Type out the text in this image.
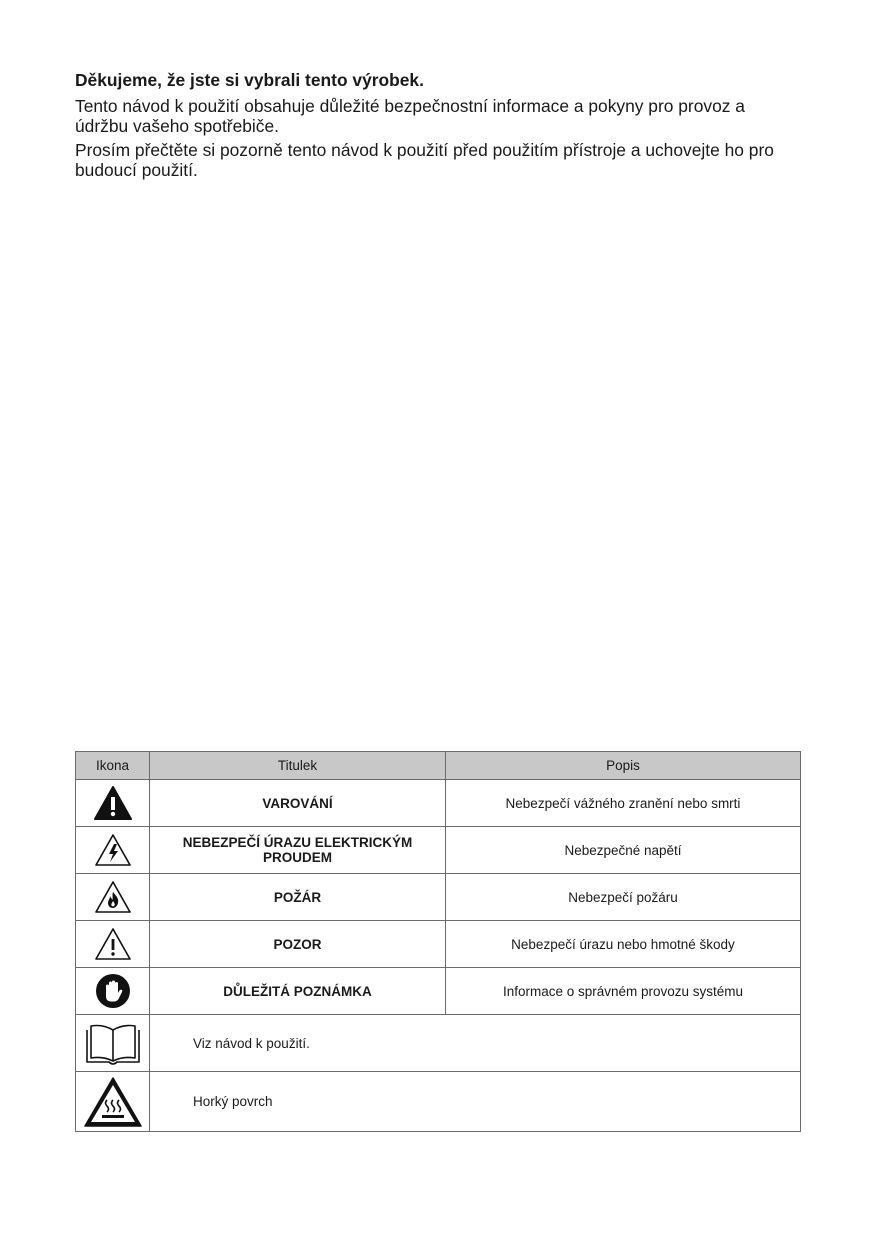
Děkujeme, že jste si vybrali tento výrobek.

Tento návod k použití obsahuje důležité bezpečnostní informace a pokyny pro provoz a údržbu vašeho spotřebiče.

Prosím přečtěte si pozorně tento návod k použití před použitím přístroje a uchovejte ho pro budoucí použití.

Ikona	Titulek	Popis

	VAROVÁNÍ	Nebezpečí vážného zranění nebo smrti

	NEBEZPEČÍ ÚRAZU ELEKTRICKÝM PROUDEM	Nebezpečné napětí

	POŽÁR	Nebezpečí požáru

	POZOR	Nebezpečí úrazu nebo hmotné škody

	DŮLEŽITÁ POZNÁMKA	Informace o správném provozu systému

	Viz návod k použití.	

	Horký povrch	
